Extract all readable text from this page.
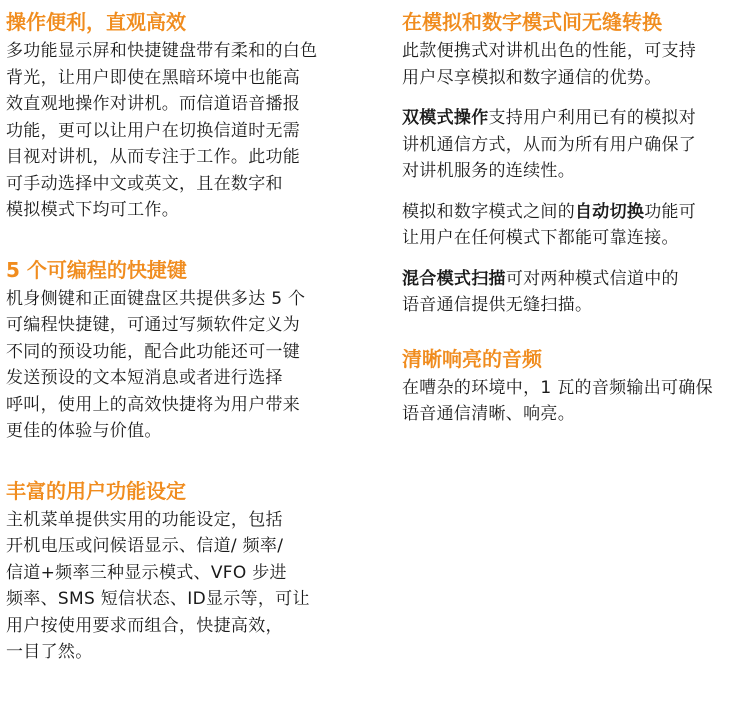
操作便利，直观高效

多功能显示屏和快捷键盘带有柔和的白色
背光，让用户即使在黑暗环境中也能高
效直观地操作对讲机。而信道语音播报
功能，更可以让用户在切换信道时无需
目视对讲机，从而专注于工作。此功能
可手动选择中文或英文，且在数字和
模拟模式下均可工作。

5 个可编程的快捷键

机身侧键和正面键盘区共提供多达 5 个
可编程快捷键，可通过写频软件定义为
不同的预设功能，配合此功能还可一键
发送预设的文本短消息或者进行选择
呼叫，使用上的高效快捷将为用户带来
更佳的体验与价值。

丰富的用户功能设定

主机菜单提供实用的功能设定，包括
开机电压或问候语显示、信道/ 频率/
信道+频率三种显示模式、VFO 步进
频率、SMS 短信状态、ID显示等，可让
用户按使用要求而组合，快捷高效，
一目了然。

在模拟和数字模式间无缝转换

此款便携式对讲机出色的性能，可支持
用户尽享模拟和数字通信的优势。

双模式操作支持用户利用已有的模拟对
讲机通信方式，从而为所有用户确保了
对讲机服务的连续性。

模拟和数字模式之间的自动切换功能可
让用户在任何模式下都能可靠连接。

混合模式扫描可对两种模式信道中的
语音通信提供无缝扫描。

清晰响亮的音频

在嘈杂的环境中，1 瓦的音频输出可确保
语音通信清晰、响亮。
